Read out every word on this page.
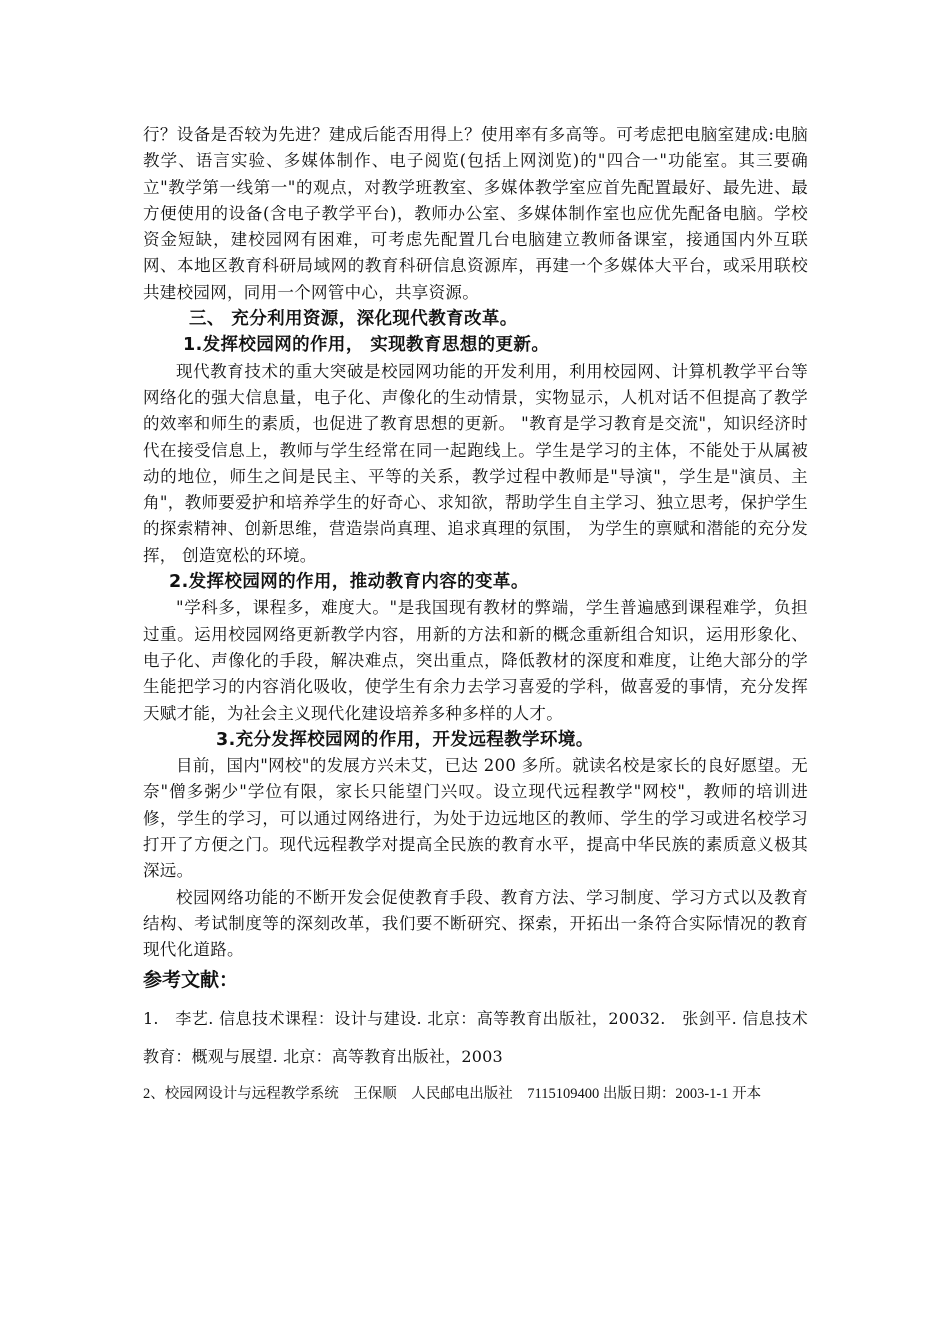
行？设备是否较为先进？建成后能否用得上？使用率有多高等。可考虑把电脑室建成:电脑教学、语言实验、多媒体制作、电子阅览(包括上网浏览)的"四合一"功能室。其三要确立"教学第一线第一"的观点，对教学班教室、多媒体教学室应首先配置最好、最先进、最方便使用的设备(含电子教学平台)，教师办公室、多媒体制作室也应优先配备电脑。学校资金短缺，建校园网有困难，可考虑先配置几台电脑建立教师备课室，接通国内外互联网、本地区教育科研局域网的教育科研信息资源库，再建一个多媒体大平台，或采用联校共建校园网，同用一个网管中心，共享资源。

三、 充分利用资源，深化现代教育改革。

1.发挥校园网的作用， 实现教育思想的更新。

现代教育技术的重大突破是校园网功能的开发利用，利用校园网、计算机教学平台等网络化的强大信息量，电子化、声像化的生动情景，实物显示，人机对话不但提高了教学的效率和师生的素质，也促进了教育思想的更新。 "教育是学习教育是交流"，知识经济时代在接受信息上，教师与学生经常在同一起跑线上。学生是学习的主体，不能处于从属被动的地位，师生之间是民主、平等的关系，教学过程中教师是"导演"，学生是"演员、主角"，教师要爱护和培养学生的好奇心、求知欲，帮助学生自主学习、独立思考，保护学生的探索精神、创新思维，营造崇尚真理、追求真理的氛围， 为学生的禀赋和潜能的充分发挥， 创造宽松的环境。

2.发挥校园网的作用，推动教育内容的变革。

"学科多，课程多，难度大。"是我国现有教材的弊端，学生普遍感到课程难学，负担过重。运用校园网络更新教学内容，用新的方法和新的概念重新组合知识，运用形象化、电子化、声像化的手段，解决难点，突出重点，降低教材的深度和难度，让绝大部分的学生能把学习的内容消化吸收，使学生有余力去学习喜爱的学科，做喜爱的事情，充分发挥天赋才能，为社会主义现代化建设培养多种多样的人才。

3.充分发挥校园网的作用，开发远程教学环境。

目前，国内"网校"的发展方兴未艾，已达 200 多所。就读名校是家长的良好愿望。无奈"僧多粥少"学位有限，家长只能望门兴叹。设立现代远程教学"网校"，教师的培训进修，学生的学习，可以通过网络进行，为处于边远地区的教师、学生的学习或进名校学习打开了方便之门。现代远程教学对提高全民族的教育水平，提高中华民族的素质意义极其深远。

校园网络功能的不断开发会促使教育手段、教育方法、学习制度、学习方式以及教育结构、考试制度等的深刻改革，我们要不断研究、探索，开拓出一条符合实际情况的教育现代化道路。

参考文献：

1.　李艺. 信息技术课程：设计与建设. 北京：高等教育出版社，20032.　张剑平. 信息技术教育：概观与展望. 北京：高等教育出版社，2003

2、校园网设计与远程教学系统　王保顺　人民邮电出版社　7115109400 出版日期：2003-1-1 开本
